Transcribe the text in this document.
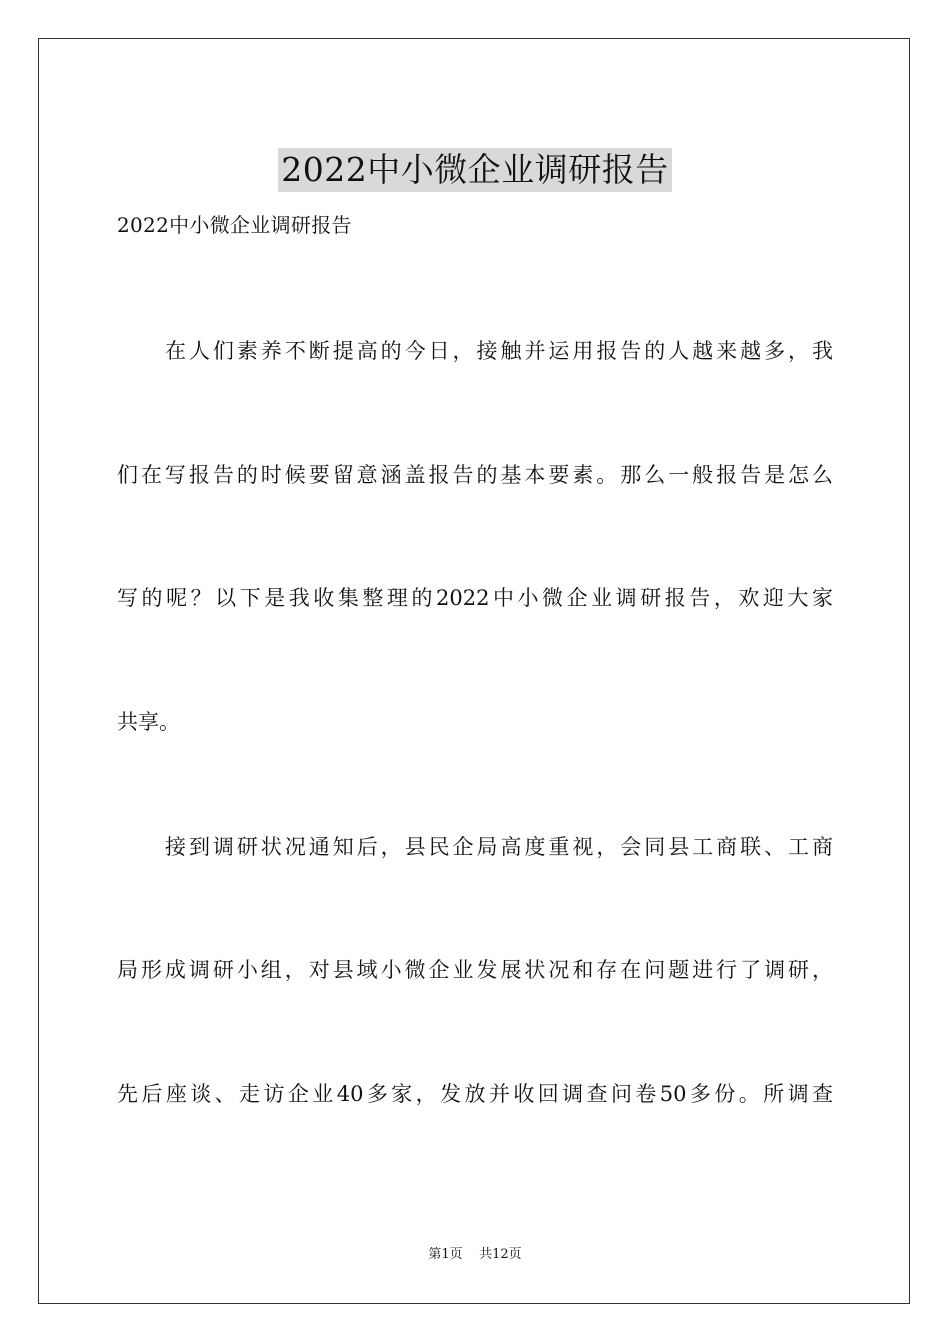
2022中小微企业调研报告
2022中小微企业调研报告
在人们素养不断提高的今日，接触并运用报告的人越来越多，我
们在写报告的时候要留意涵盖报告的基本要素。那么一般报告是怎么
写的呢？以下是我收集整理的2022中小微企业调研报告，欢迎大家
共享。
接到调研状况通知后，县民企局高度重视，会同县工商联、工商
局形成调研小组，对县域小微企业发展状况和存在问题进行了调研，
先后座谈、走访企业40多家，发放并收回调查问卷50多份。所调查
第1页 共12页
